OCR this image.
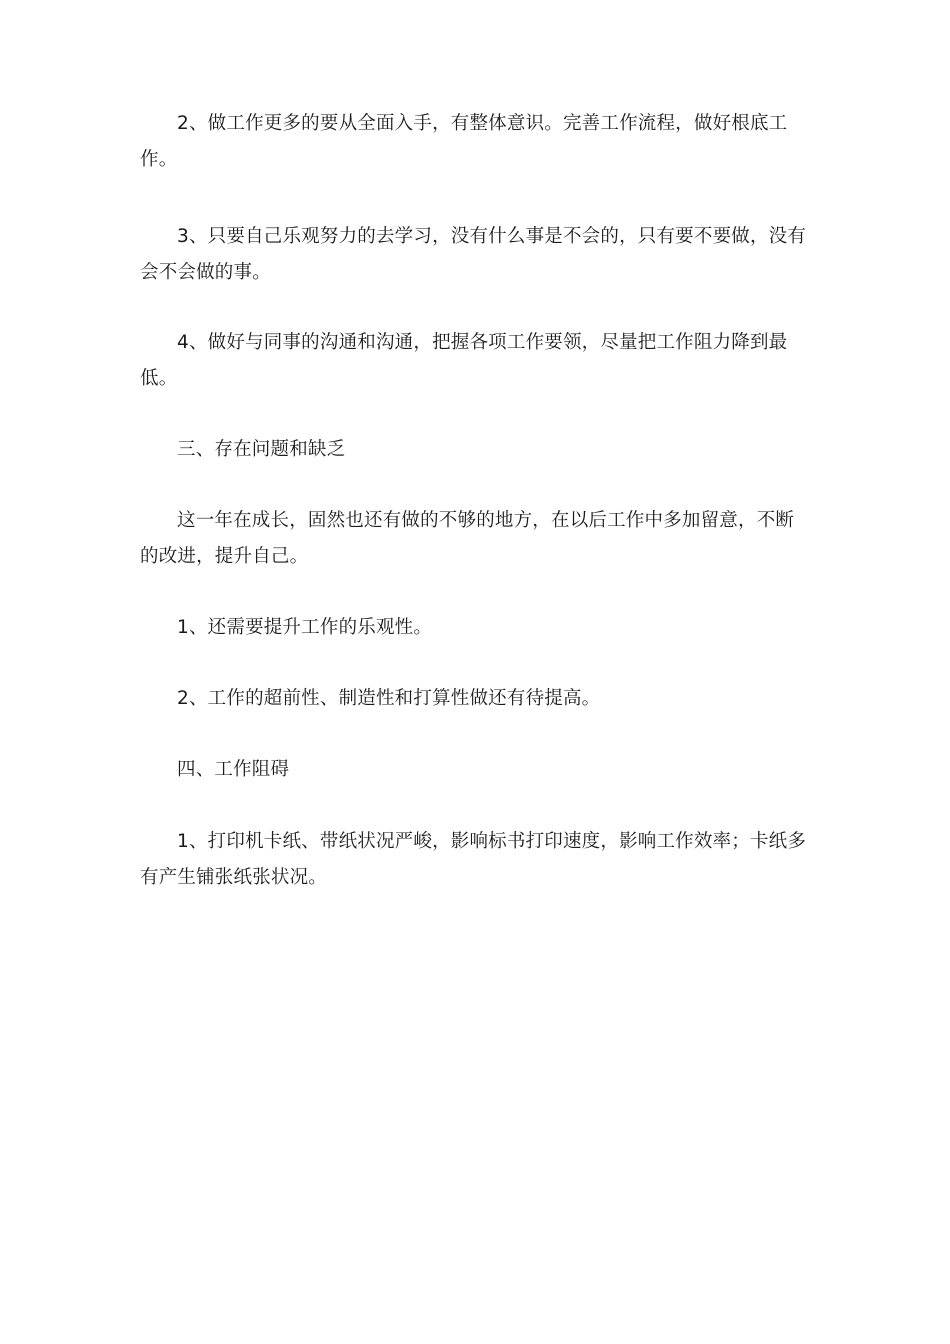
2、做工作更多的要从全面入手，有整体意识。完善工作流程，做好根底工作。

3、只要自己乐观努力的去学习，没有什么事是不会的，只有要不要做，没有会不会做的事。

4、做好与同事的沟通和沟通，把握各项工作要领，尽量把工作阻力降到最低。

三、存在问题和缺乏

这一年在成长，固然也还有做的不够的地方，在以后工作中多加留意，不断的改进，提升自己。

1、还需要提升工作的乐观性。

2、工作的超前性、制造性和打算性做还有待提高。

四、工作阻碍

1、打印机卡纸、带纸状况严峻，影响标书打印速度，影响工作效率；卡纸多有产生铺张纸张状况。
